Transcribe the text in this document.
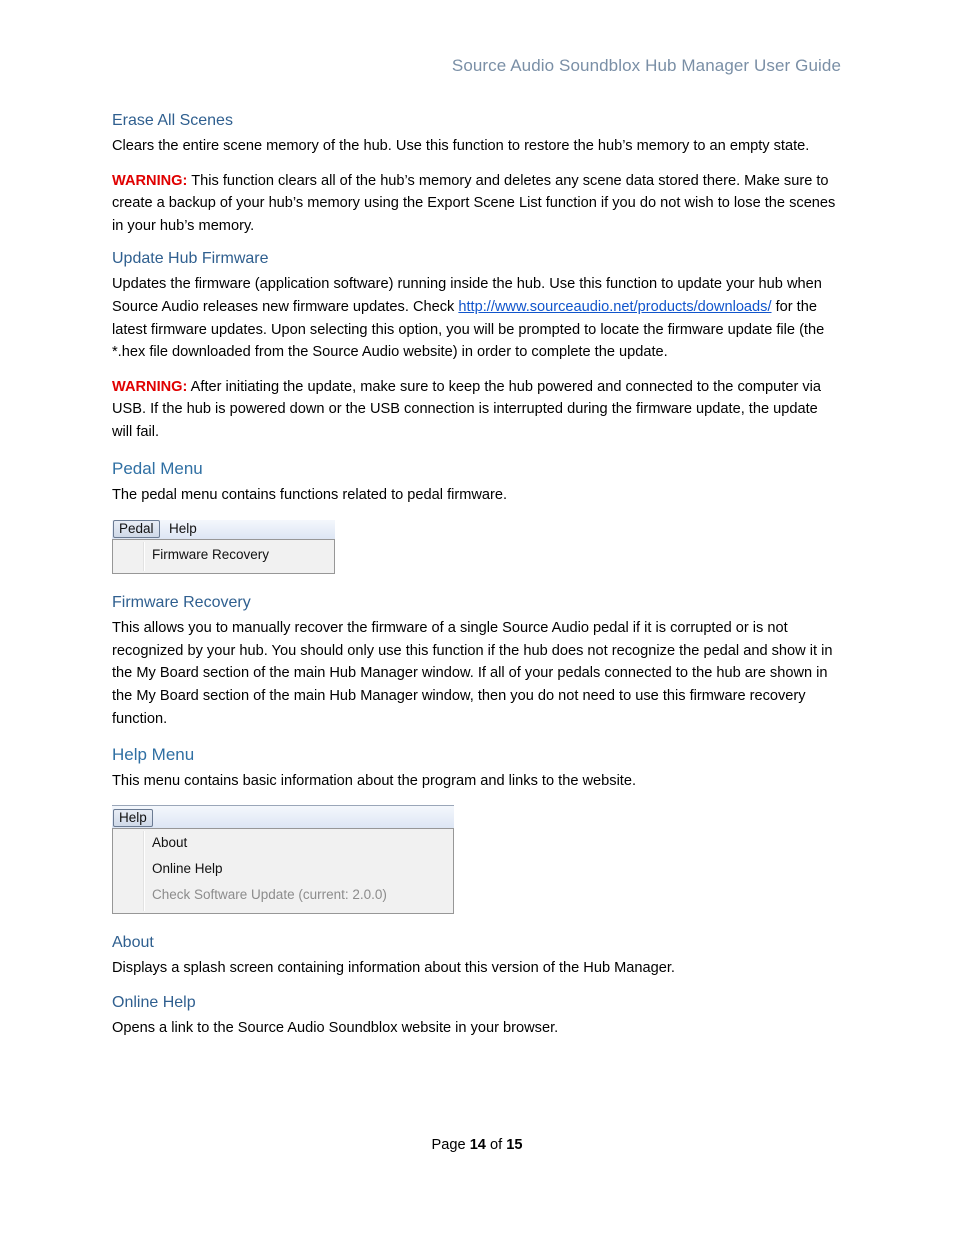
Source Audio Soundblox Hub Manager User Guide
Erase All Scenes

Clears the entire scene memory of the hub. Use this function to restore the hub’s memory to an empty state.

WARNING: This function clears all of the hub’s memory and deletes any scene data stored there. Make sure to create a backup of your hub’s memory using the Export Scene List function if you do not wish to lose the scenes in your hub’s memory.

Update Hub Firmware

Updates the firmware (application software) running inside the hub. Use this function to update your hub when Source Audio releases new firmware updates. Check http://www.sourceaudio.net/products/downloads/ for the latest firmware updates. Upon selecting this option, you will be prompted to locate the firmware update file (the *.hex file downloaded from the Source Audio website) in order to complete the update.

WARNING: After initiating the update, make sure to keep the hub powered and connected to the computer via USB. If the hub is powered down or the USB connection is interrupted during the firmware update, the update will fail.

Pedal Menu

The pedal menu contains functions related to pedal firmware.

Pedal	Help
Firmware Recovery
Firmware Recovery

This allows you to manually recover the firmware of a single Source Audio pedal if it is corrupted or is not recognized by your hub. You should only use this function if the hub does not recognize the pedal and show it in the My Board section of the main Hub Manager window. If all of your pedals connected to the hub are shown in the My Board section of the main Hub Manager window, then you do not need to use this firmware recovery function.

Help Menu

This menu contains basic information about the program and links to the website.

Help
About
Online Help
Check Software Update (current: 2.0.0)
About

Displays a splash screen containing information about this version of the Hub Manager.

Online Help

Opens a link to the Source Audio Soundblox website in your browser.

Page 14 of 15
